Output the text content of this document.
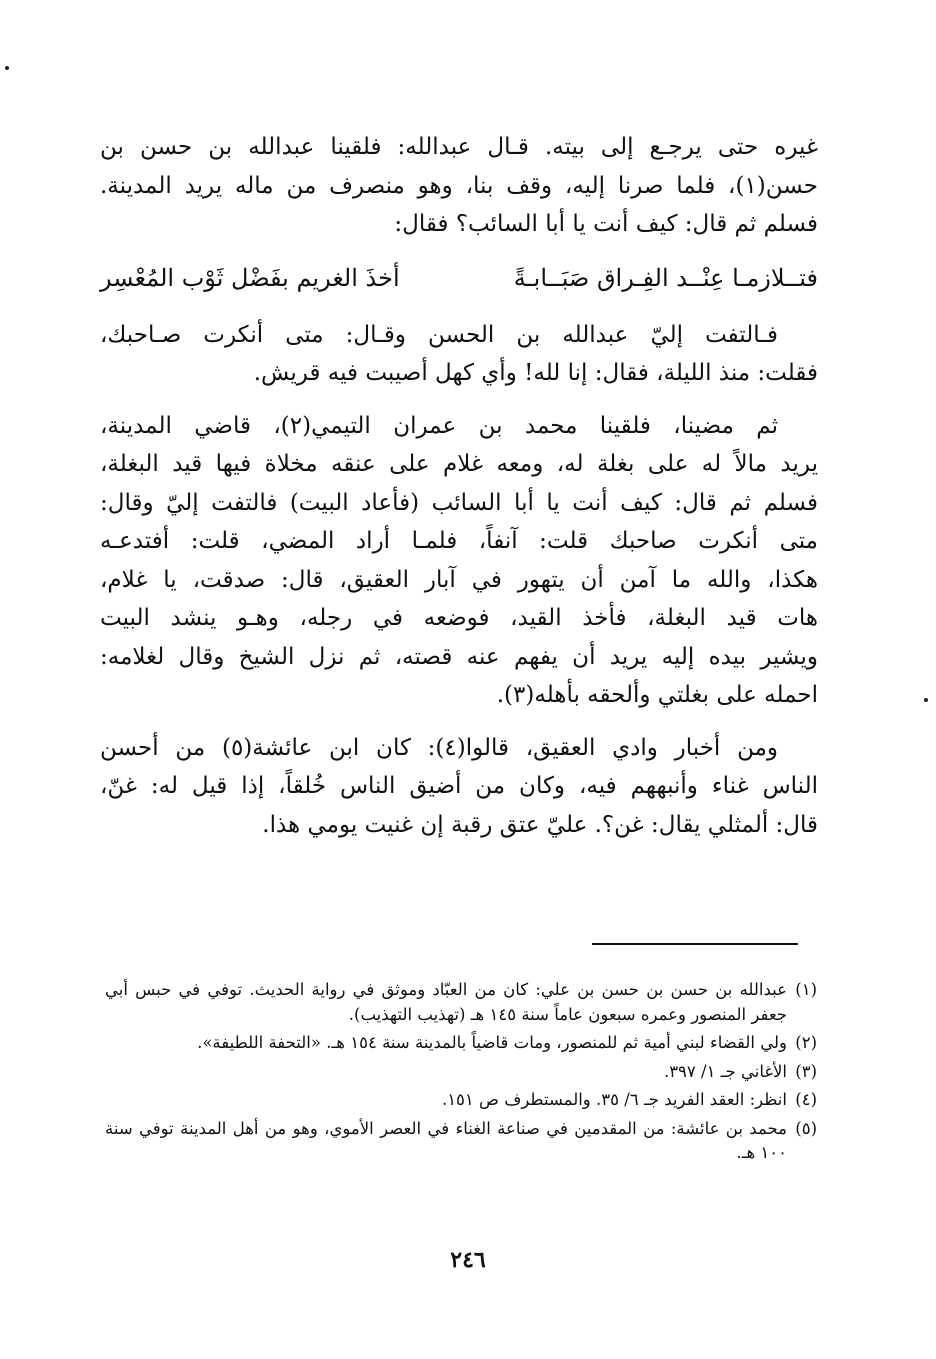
غيره حتى يرجـع إلى بيته. قـال عبدالله: فلقينا عبدالله بن حسن بن
حسن(١)، فلما صرنا إليه، وقف بنا، وهو منصرف من ماله يريد المدينة.
فسلم ثم قال: كيف أنت يا أبا السائب؟ فقال:
فتــلازمـا عِنْــد الفِـراق صَبَــابـةً
أخذَ الغريم بفَضْل ثَوْب المُعْسِر
فـالتفت إليّ عبدالله بن الحسن وقـال: متى أنكرت صـاحبك،
فقلت: منذ الليلة، فقال: إنا لله! وأي كهل أصيبت فيه قريش.
ثم مضينا، فلقينا محمد بن عمران التيمي(٢)، قاضي المدينة،
يريد مالاً له على بغلة له، ومعه غلام على عنقه مخلاة فيها قيد البغلة،
فسلم ثم قال: كيف أنت يا أبا السائب (فأعاد البيت) فالتفت إليّ وقال:
متى أنكرت صاحبك قلت: آنفاً، فلمـا أراد المضي، قلت: أفتدعـه
هكذا، والله ما آمن أن يتهور في آبار العقيق، قال: صدقت، يا غلام،
هات قيد البغلة، فأخذ القيد، فوضعه في رجله، وهـو ينشد البيت
ويشير بيده إليه يريد أن يفهم عنه قصته، ثم نزل الشيخ وقال لغلامه:
احمله على بغلتي وألحقه بأهله(٣).
ومن أخبار وادي العقيق، قالوا(٤): كان ابن عائشة(٥) من أحسن
الناس غناء وأنبههم فيه، وكان من أضيق الناس خُلقاً، إذا قيل له: غنّ،
قال: ألمثلي يقال: غن؟. عليّ عتق رقبة إن غنيت يومي هذا.
(١)
عبدالله بن حسن بن حسن بن علي: كان من العبّاد وموثق في رواية الحديث. توفي في حبس أبي جعفر المنصور وعمره سبعون عاماً سنة ١٤٥ هـ (تهذيب التهذيب).
(٢)
ولي القضاء لبني أمية ثم للمنصور، ومات قاضياً بالمدينة سنة ١٥٤ هـ. «التحفة اللطيفة».
(٣)
الأغاني جـ ١/ ٣٩٧.
(٤)
انظر: العقد الفريد جـ ٦/ ٣٥. والمستطرف ص ١٥١.
(٥)
محمد بن عائشة: من المقدمين في صناعة الغناء في العصر الأموي، وهو من أهل المدينة توفي سنة ١٠٠ هـ.
٢٤٦
